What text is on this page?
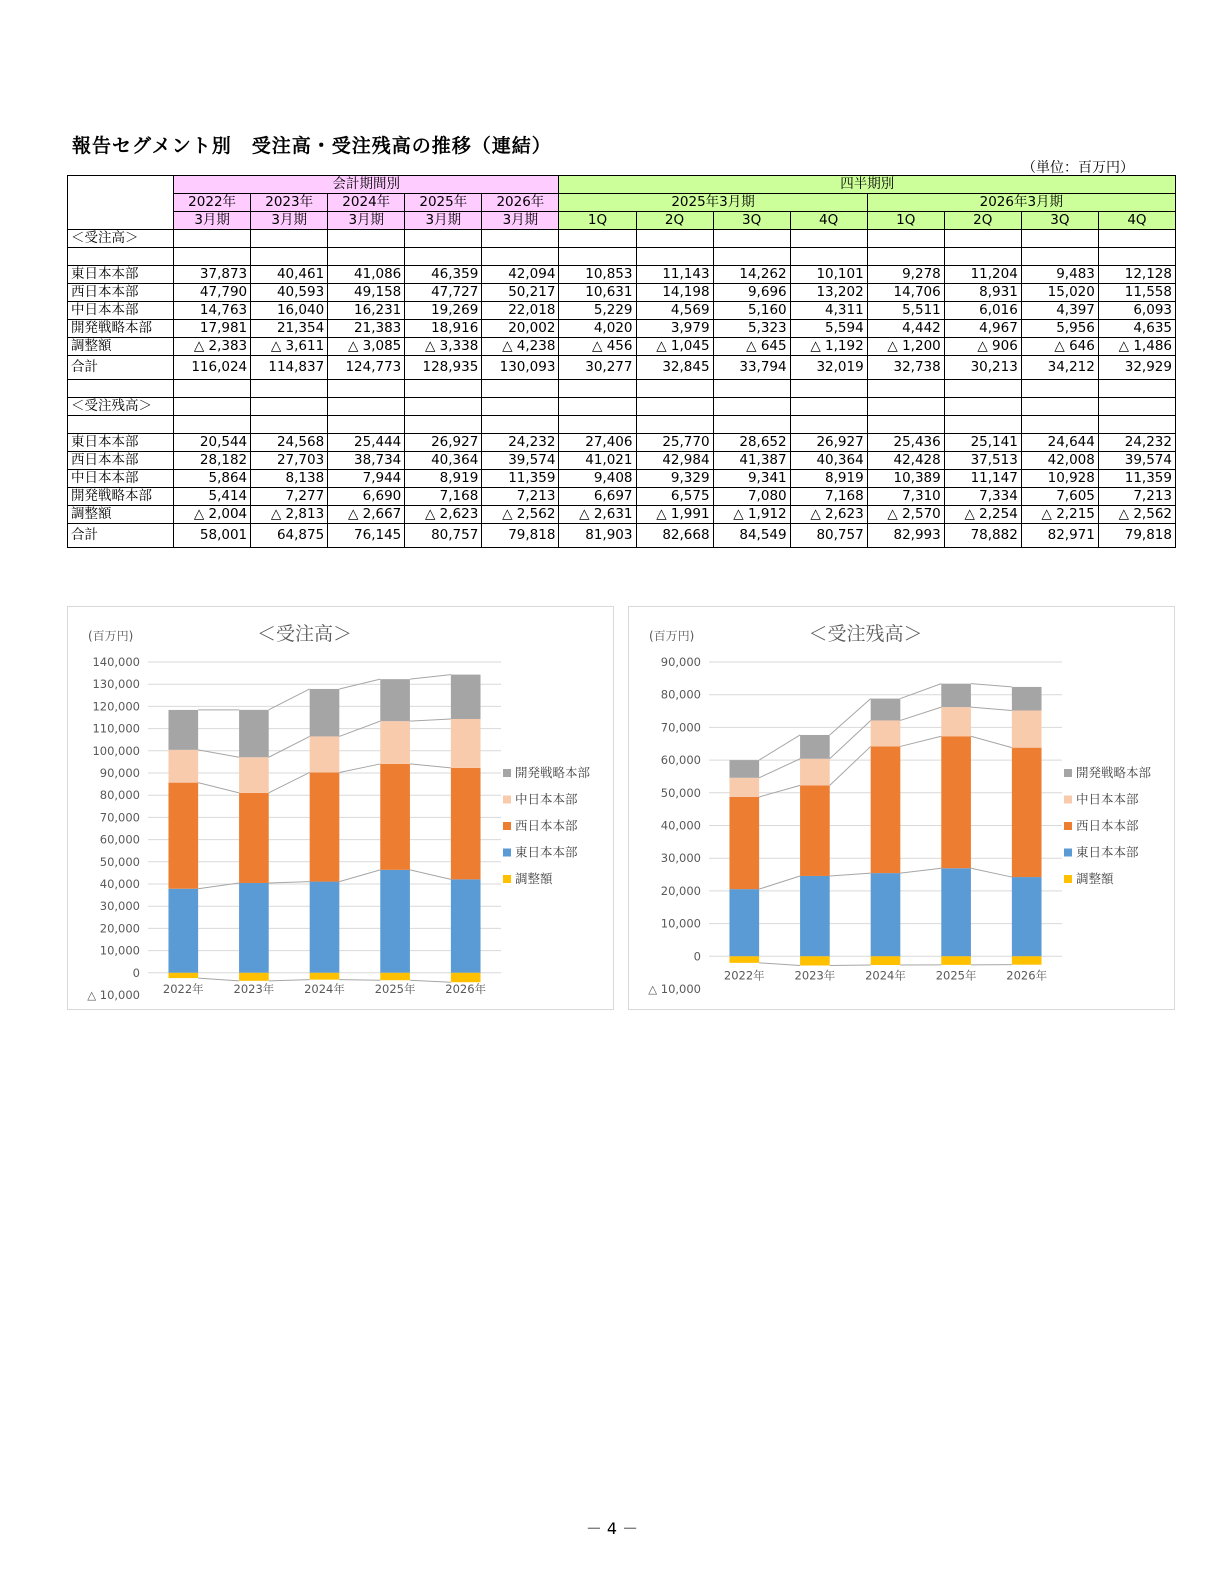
報告セグメント別　受注高・受注残高の推移（連結）
（単位：百万円）
	会計期間別					四半期別							
	2022年	2023年	2024年	2025年	2026年	2025年3月期				2026年3月期			
	3月期	3月期	3月期	3月期	3月期	1Q	2Q	3Q	4Q	1Q	2Q	3Q	4Q
＜受注高＞													

東日本本部	37,873	40,461	41,086	46,359	42,094	10,853	11,143	14,262	10,101	9,278	11,204	9,483	12,128
西日本本部	47,790	40,593	49,158	47,727	50,217	10,631	14,198	9,696	13,202	14,706	8,931	15,020	11,558
中日本本部	14,763	16,040	16,231	19,269	22,018	5,229	4,569	5,160	4,311	5,511	6,016	4,397	6,093
開発戦略本部	17,981	21,354	21,383	18,916	20,002	4,020	3,979	5,323	5,594	4,442	4,967	5,956	4,635
調整額	△ 2,383	△ 3,611	△ 3,085	△ 3,338	△ 4,238	△ 456	△ 1,045	△ 645	△ 1,192	△ 1,200	△ 906	△ 646	△ 1,486
合計	116,024	114,837	124,773	128,935	130,093	30,277	32,845	33,794	32,019	32,738	30,213	34,212	32,929

＜受注残高＞													

東日本本部	20,544	24,568	25,444	26,927	24,232	27,406	25,770	28,652	26,927	25,436	25,141	24,644	24,232
西日本本部	28,182	27,703	38,734	40,364	39,574	41,021	42,984	41,387	40,364	42,428	37,513	42,008	39,574
中日本本部	5,864	8,138	7,944	8,919	11,359	9,408	9,329	9,341	8,919	10,389	11,147	10,928	11,359
開発戦略本部	5,414	7,277	6,690	7,168	7,213	6,697	6,575	7,080	7,168	7,310	7,334	7,605	7,213
調整額	△ 2,004	△ 2,813	△ 2,667	△ 2,623	△ 2,562	△ 2,631	△ 1,991	△ 1,912	△ 2,623	△ 2,570	△ 2,254	△ 2,215	△ 2,562
合計	58,001	64,875	76,145	80,757	79,818	81,903	82,668	84,549	80,757	82,993	78,882	82,971	79,818
＜受注高＞
(百万円)
△ 10,000
0
10,000
20,000
30,000
40,000
50,000
60,000
70,000
80,000
90,000
100,000
110,000
120,000
130,000
140,000
2022年	2023年	2024年	2025年	2026年
開発戦略本部
中日本本部
西日本本部
東日本本部
調整額
＜受注残高＞
(百万円)
△ 10,000
0
10,000
20,000
30,000
40,000
50,000
60,000
70,000
80,000
90,000
2022年	2023年	2024年	2025年	2026年
開発戦略本部
中日本本部
西日本本部
東日本本部
調整額
－ 4 －
